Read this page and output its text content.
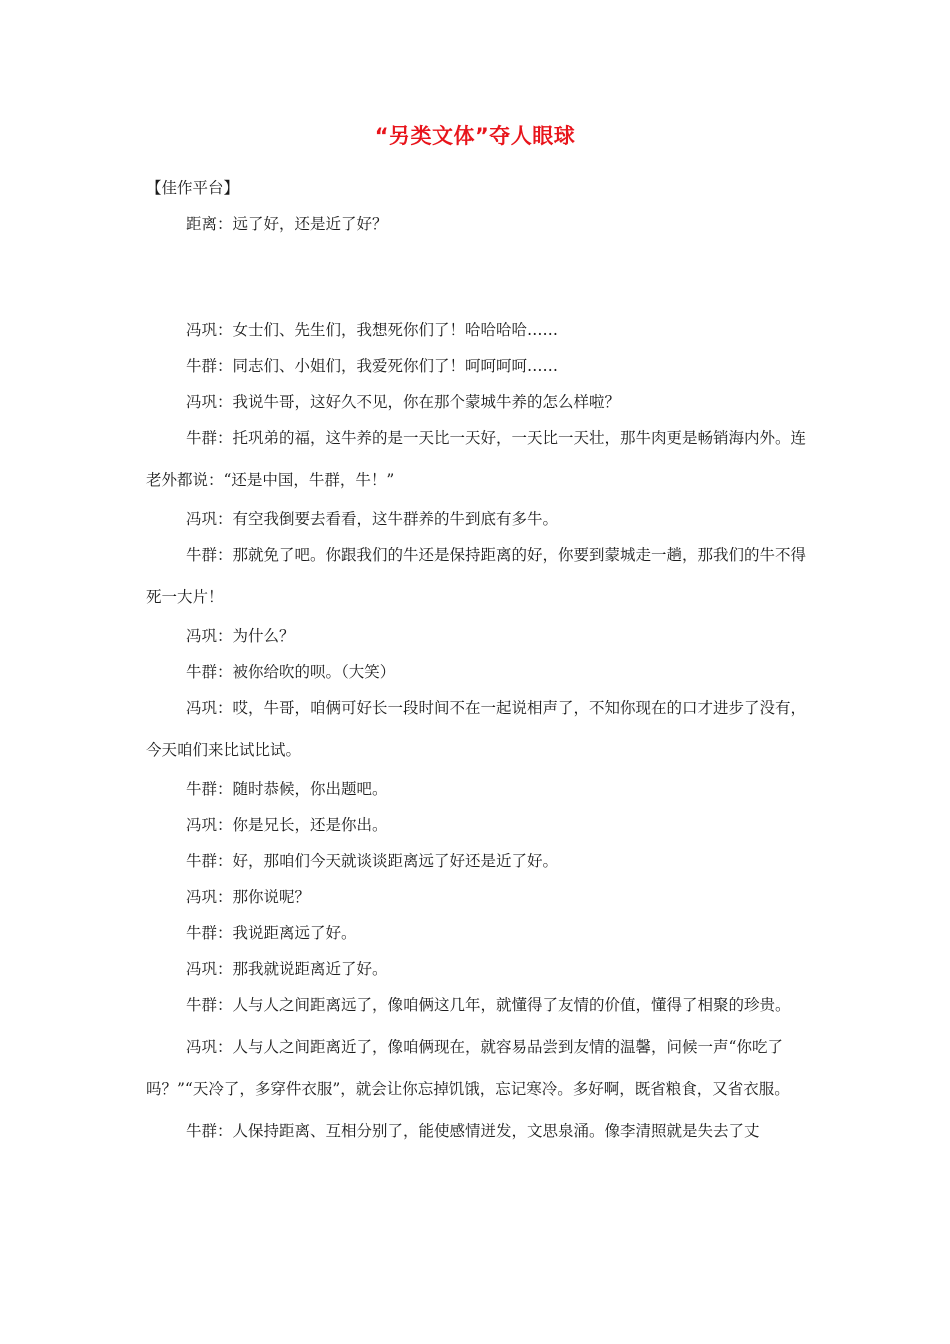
“另类文体”夺人眼球
【佳作平台】

距离：远了好，还是近了好？

冯巩：女士们、先生们，我想死你们了！哈哈哈哈……

牛群：同志们、小姐们，我爱死你们了！呵呵呵呵……

冯巩：我说牛哥，这好久不见，你在那个蒙城牛养的怎么样啦？

牛群：托巩弟的福，这牛养的是一天比一天好，一天比一天壮，那牛肉更是畅销海内外。连老外都说：“还是中国，牛群，牛！”

冯巩：有空我倒要去看看，这牛群养的牛到底有多牛。

牛群：那就免了吧。你跟我们的牛还是保持距离的好，你要到蒙城走一趟，那我们的牛不得死一大片！

冯巩：为什么？

牛群：被你给吹的呗。（大笑）

冯巩：哎，牛哥，咱俩可好长一段时间不在一起说相声了，不知你现在的口才进步了没有，今天咱们来比试比试。

牛群：随时恭候，你出题吧。

冯巩：你是兄长，还是你出。

牛群：好，那咱们今天就谈谈距离远了好还是近了好。

冯巩：那你说呢？

牛群：我说距离远了好。

冯巩：那我就说距离近了好。

牛群：人与人之间距离远了，像咱俩这几年，就懂得了友情的价值，懂得了相聚的珍贵。

冯巩：人与人之间距离近了，像咱俩现在，就容易品尝到友情的温馨，问候一声“你吃了吗？”“天冷了，多穿件衣服”，就会让你忘掉饥饿，忘记寒冷。多好啊，既省粮食，又省衣服。

牛群：人保持距离、互相分别了，能使感情迸发，文思泉涌。像李清照就是失去了丈
